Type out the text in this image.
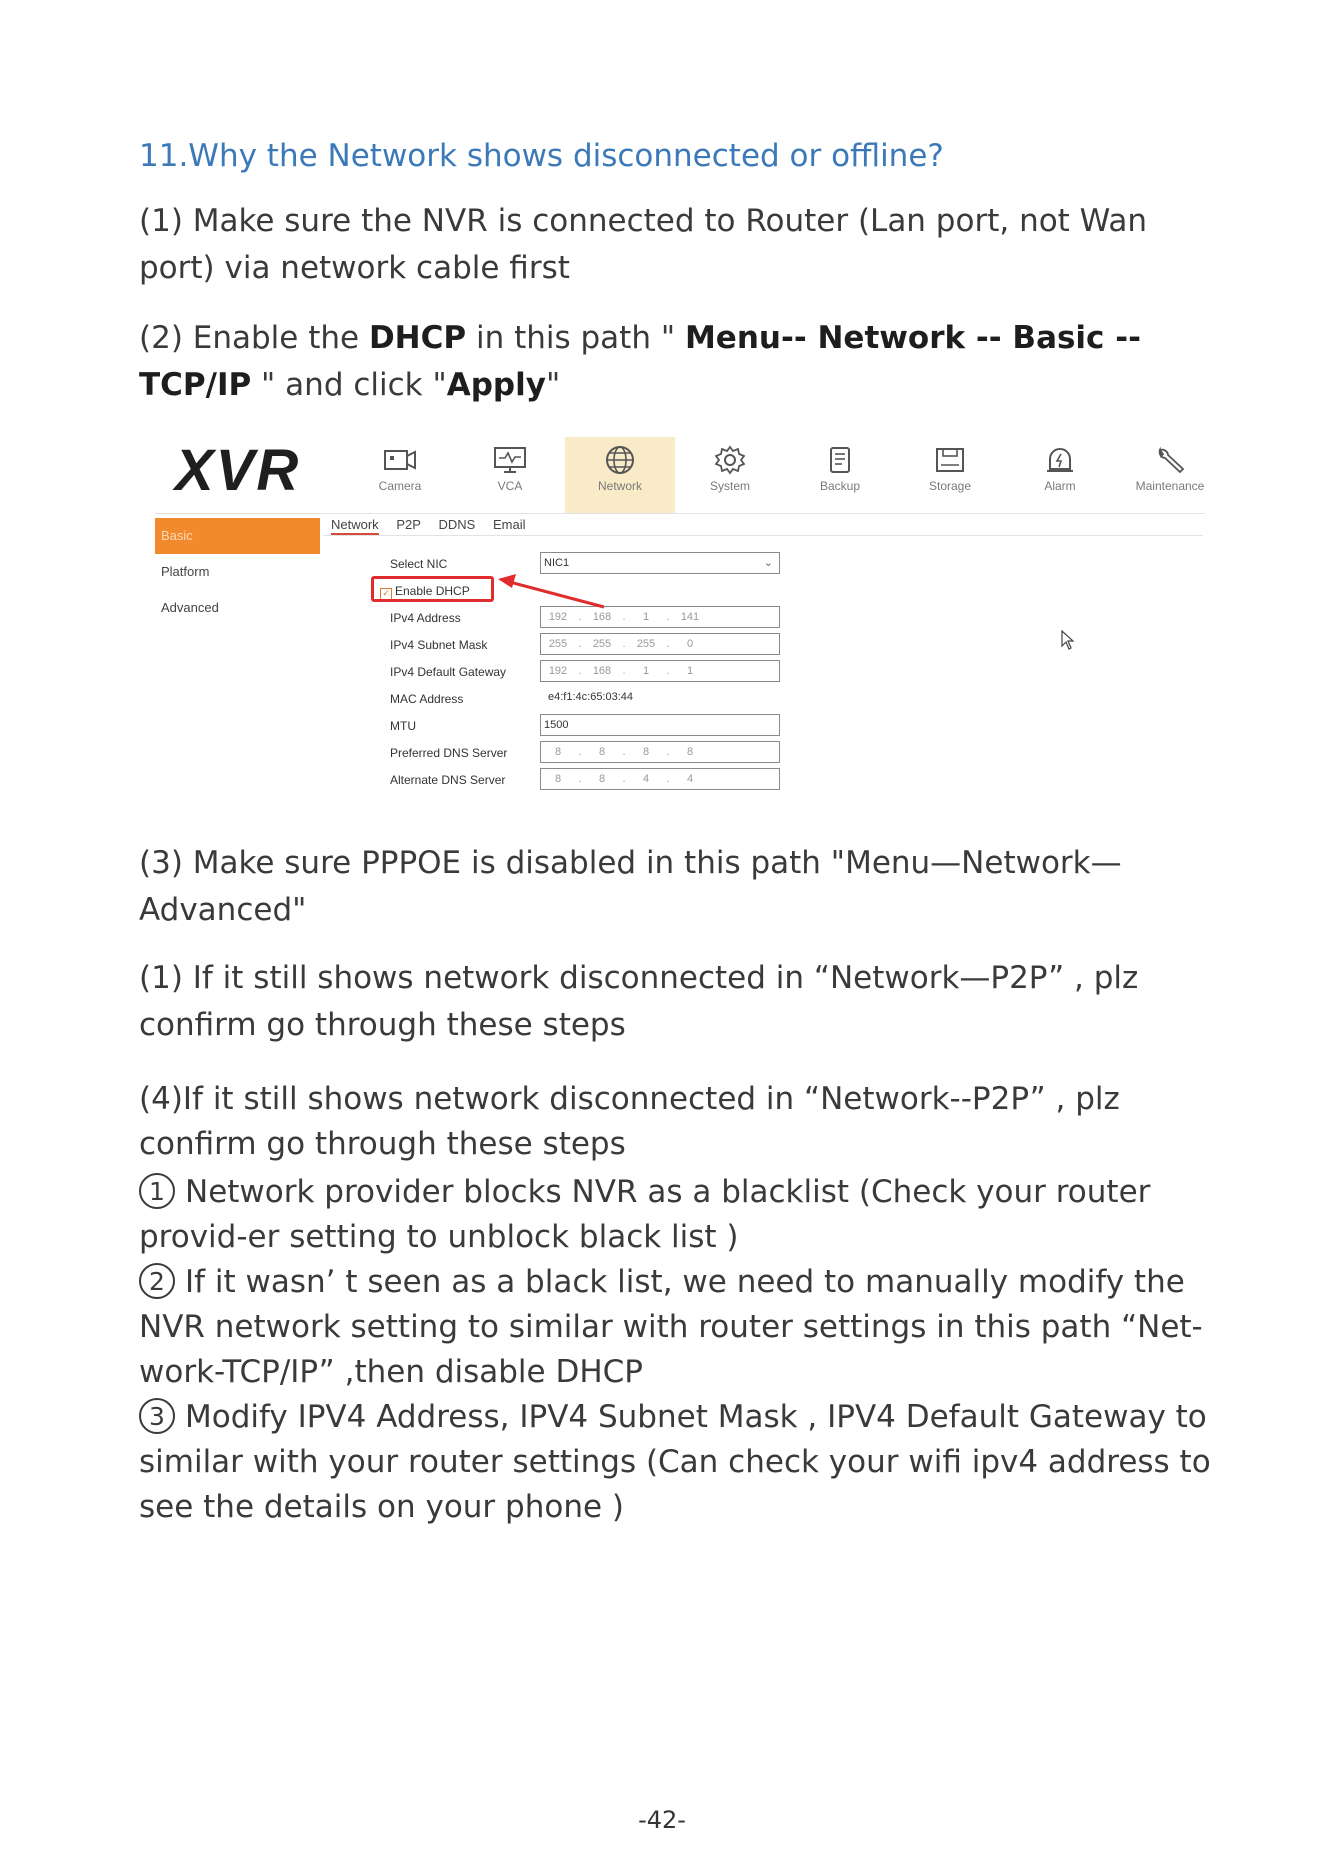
11.Why the Network shows disconnected or offline?

(1) Make sure the NVR is connected to Router (Lan port, not Wan port) via network cable first

(2) Enable the DHCP in this path " Menu-- Network -- Basic --TCP/IP " and click "Apply"

XVR	Camera	VCA	Network	System	Backup	Storage	Alarm	Maintenance
Basic
Platform
Advanced
Network P2P DDNS Email
Select NIC	NIC1	⌄
✓ Enable DHCP
IPv4 Address	192 . 168 . 1 . 141
IPv4 Subnet Mask	255 . 255 . 255 . 0
IPv4 Default Gateway	192 . 168 . 1 . 1
MAC Address	e4:f1:4c:65:03:44
MTU	1500
Preferred DNS Server	8 . 8 . 8 . 8
Alternate DNS Server	8 . 8 . 4 . 4

(3) Make sure PPPOE is disabled in this path "Menu—Network— Advanced"

(1) If it still shows network disconnected in “Network—P2P” , plz confirm go through these steps

(4)If it still shows network disconnected in “Network--P2P” , plz confirm go through these steps

1 Network provider blocks NVR as a blacklist (Check your router provid-er setting to unblock black list )

2 If it wasn’ t seen as a black list, we need to manually modify the NVR network setting to similar with router settings in this path “Net-work-TCP/IP” ,then disable DHCP

3 Modify IPV4 Address, IPV4 Subnet Mask , IPV4 Default Gateway to similar with your router settings (Can check your wifi ipv4 address to see the details on your phone )

-42-
